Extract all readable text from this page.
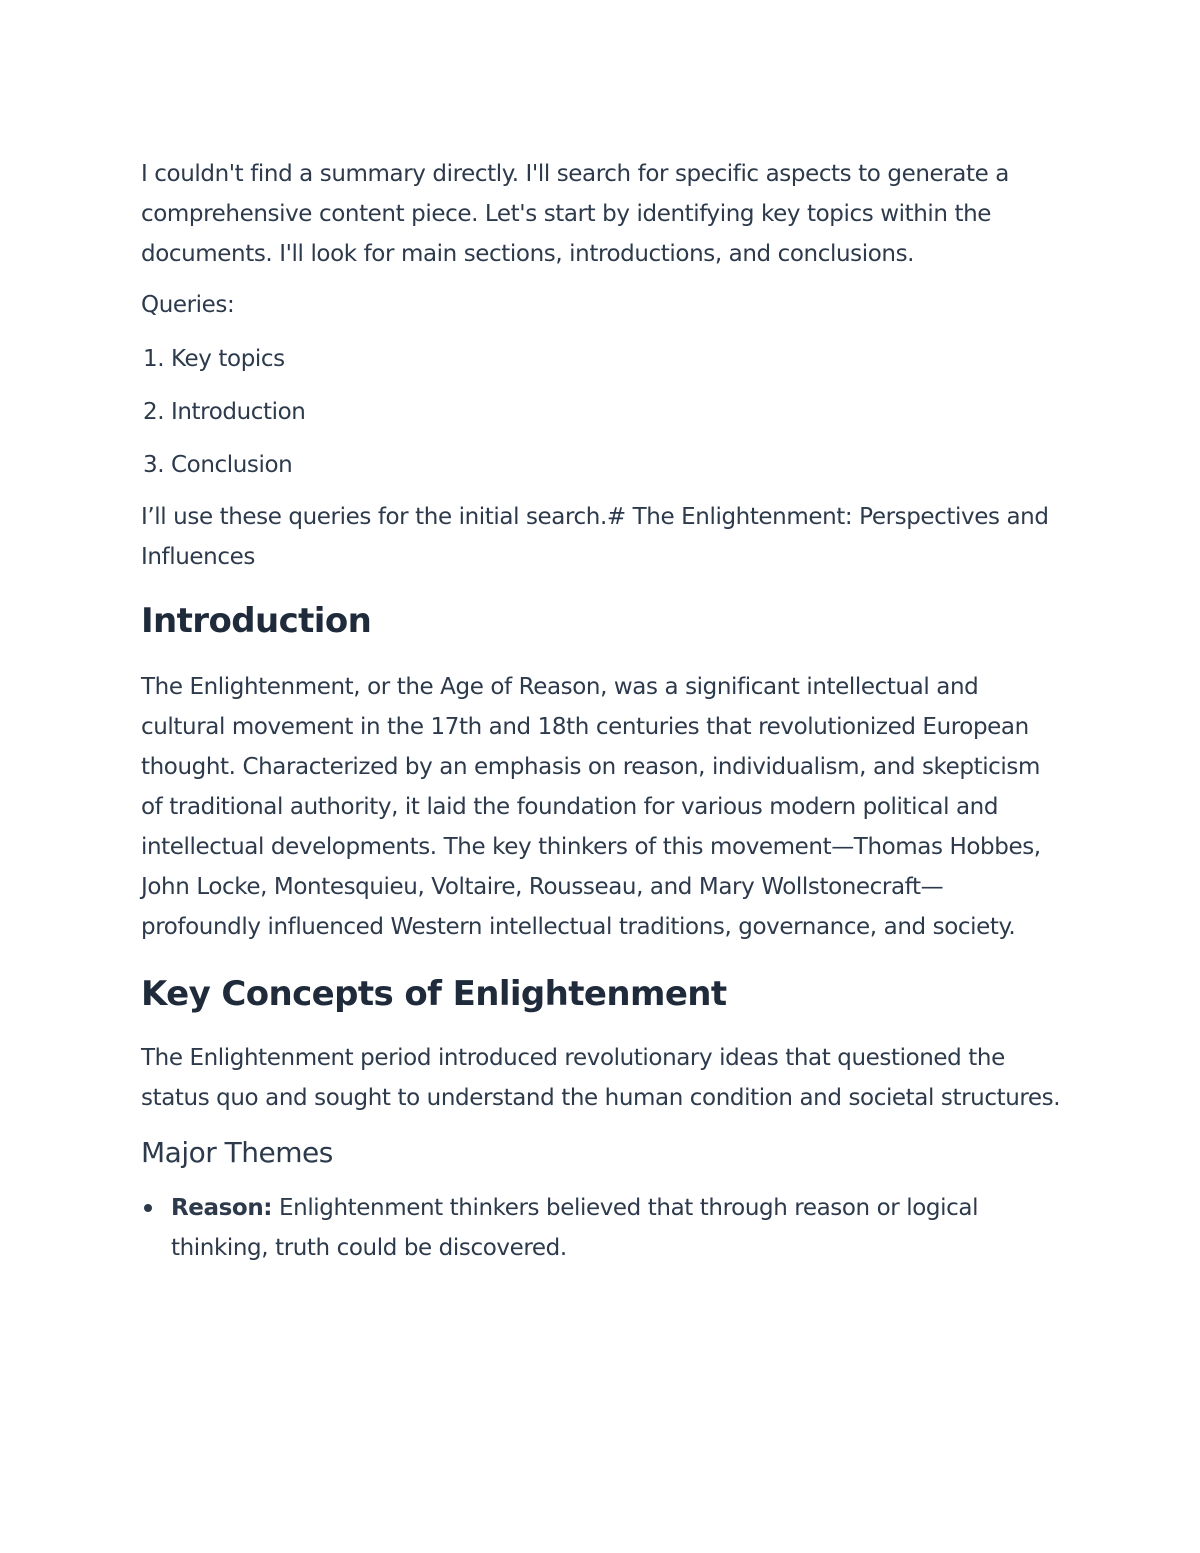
I couldn't find a summary directly. I'll search for specific aspects to generate a comprehensive content piece. Let's start by identifying key topics within the documents. I'll look for main sections, introductions, and conclusions.

Queries:

1. Key topics
2. Introduction
3. Conclusion

I’ll use these queries for the initial search.# The Enlightenment: Perspectives and Influences

Introduction

The Enlightenment, or the Age of Reason, was a significant intellectual and cultural movement in the 17th and 18th centuries that revolutionized European thought. Characterized by an emphasis on reason, individualism, and skepticism of traditional authority, it laid the foundation for various modern political and intellectual developments. The key thinkers of this movement—Thomas Hobbes, John Locke, Montesquieu, Voltaire, Rousseau, and Mary Wollstonecraft—profoundly influenced Western intellectual traditions, governance, and society.

Key Concepts of Enlightenment

The Enlightenment period introduced revolutionary ideas that questioned the status quo and sought to understand the human condition and societal structures.

Major Themes
Reason: Enlightenment thinkers believed that through reason or logical thinking, truth could be discovered.
